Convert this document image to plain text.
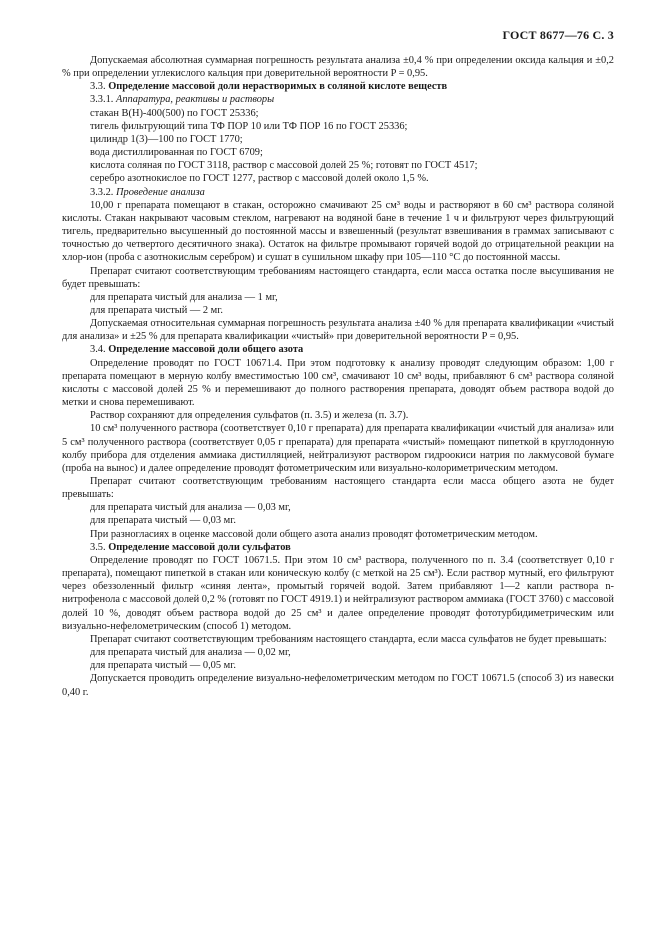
ГОСТ 8677—76 С. 3

Допускаемая абсолютная суммарная погрешность результата анализа ±0,4 % при определении оксида кальция и ±0,2 % при определении углекислого кальция при доверительной вероятности P = 0,95.

3.3. Определение массовой доли нерастворимых в соляной кислоте веществ

3.3.1. Аппаратура, реактивы и растворы

стакан В(Н)-400(500) по ГОСТ 25336;

тигель фильтрующий типа ТФ ПОР 10 или ТФ ПОР 16 по ГОСТ 25336;

цилиндр 1(3)—100 по ГОСТ 1770;

вода дистиллированная по ГОСТ 6709;

кислота соляная по ГОСТ 3118, раствор с массовой долей 25 %; готовят по ГОСТ 4517;

серебро азотнокислое по ГОСТ 1277, раствор с массовой долей около 1,5 %.

3.3.2. Проведение анализа

10,00 г препарата помещают в стакан, осторожно смачивают 25 см³ воды и растворяют в 60 см³ раствора соляной кислоты. Стакан накрывают часовым стеклом, нагревают на водяной бане в течение 1 ч и фильтруют через фильтрующий тигель, предварительно высушенный до постоянной массы и взвешенный (результат взвешивания в граммах записывают с точностью до четвертого десятичного знака). Остаток на фильтре промывают горячей водой до отрицательной реакции на хлор-ион (проба с азотнокислым серебром) и сушат в сушильном шкафу при 105—110 °С до постоянной массы.

Препарат считают соответствующим требованиям настоящего стандарта, если масса остатка после высушивания не будет превышать:

для препарата чистый для анализа — 1 мг,

для препарата чистый — 2 мг.

Допускаемая относительная суммарная погрешность результата анализа ±40 % для препарата квалификации «чистый для анализа» и ±25 % для препарата квалификации «чистый» при доверительной вероятности P = 0,95.

3.4. Определение массовой доли общего азота

Определение проводят по ГОСТ 10671.4. При этом подготовку к анализу проводят следующим образом: 1,00 г препарата помещают в мерную колбу вместимостью 100 см³, смачивают 10 см³ воды, прибавляют 6 см³ раствора соляной кислоты с массовой долей 25 % и перемешивают до полного растворения препарата, доводят объем раствора водой до метки и снова перемешивают.

Раствор сохраняют для определения сульфатов (п. 3.5) и железа (п. 3.7).

10 см³ полученного раствора (соответствует 0,10 г препарата) для препарата квалификации «чистый для анализа» или 5 см³ полученного раствора (соответствует 0,05 г препарата) для препарата «чистый» помещают пипеткой в круглодонную колбу прибора для отделения аммиака дистилляцией, нейтрализуют раствором гидроокиси натрия по лакмусовой бумаге (проба на вынос) и далее определение проводят фотометрическим или визуально-колориметрическим методом.

Препарат считают соответствующим требованиям настоящего стандарта если масса общего азота не будет превышать:

для препарата чистый для анализа — 0,03 мг,

для препарата чистый — 0,03 мг.

При разногласиях в оценке массовой доли общего азота анализ проводят фотометрическим методом.

3.5. Определение массовой доли сульфатов

Определение проводят по ГОСТ 10671.5. При этом 10 см³ раствора, полученного по п. 3.4 (соответствует 0,10 г препарата), помещают пипеткой в стакан или коническую колбу (с меткой на 25 см³). Если раствор мутный, его фильтруют через обеззоленный фильтр «синяя лента», промытый горячей водой. Затем прибавляют 1—2 капли раствора n-нитрофенола с массовой долей 0,2 % (готовят по ГОСТ 4919.1) и нейтрализуют раствором аммиака (ГОСТ 3760) с массовой долей 10 %, доводят объем раствора водой до 25 см³ и далее определение проводят фототурбидиметрическим или визуально-нефелометрическим (способ 1) методом.

Препарат считают соответствующим требованиям настоящего стандарта, если масса сульфатов не будет превышать:

для препарата чистый для анализа — 0,02 мг,

для препарата чистый — 0,05 мг.

Допускается проводить определение визуально-нефелометрическим методом по ГОСТ 10671.5 (способ 3) из навески 0,40 г.
